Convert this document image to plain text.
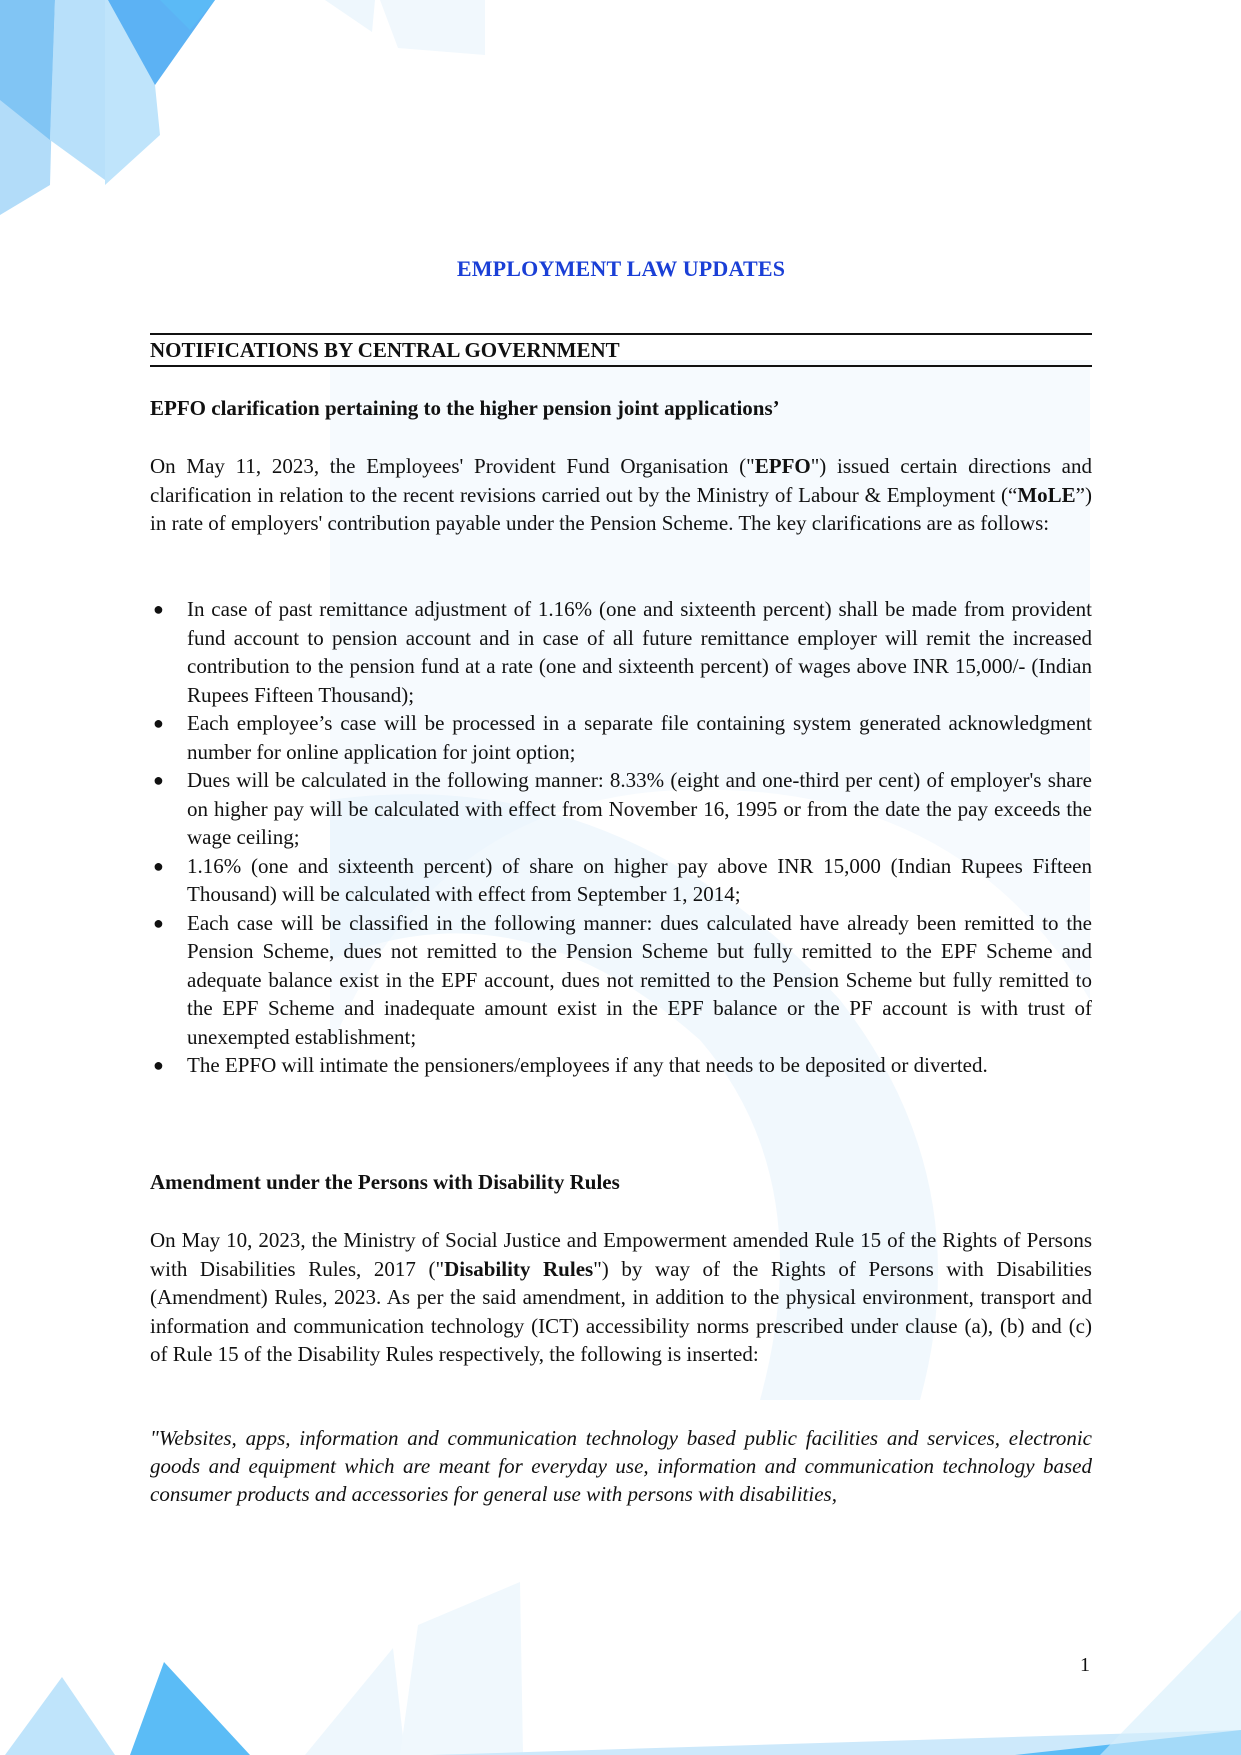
EMPLOYMENT LAW UPDATES
NOTIFICATIONS BY CENTRAL GOVERNMENT
EPFO clarification pertaining to the higher pension joint applications’
On May 11, 2023, the Employees' Provident Fund Organisation ("EPFO") issued certain directions and clarification in relation to the recent revisions carried out by the Ministry of Labour & Employment (“MoLE”) in rate of employers' contribution payable under the Pension Scheme. The key clarifications are as follows:
● In case of past remittance adjustment of 1.16% (one and sixteenth percent) shall be made from provident fund account to pension account and in case of all future remittance employer will remit the increased contribution to the pension fund at a rate (one and sixteenth percent) of wages above INR 15,000/- (Indian Rupees Fifteen Thousand);
● Each employee’s case will be processed in a separate file containing system generated acknowledgment number for online application for joint option;
● Dues will be calculated in the following manner: 8.33% (eight and one-third per cent) of employer's share on higher pay will be calculated with effect from November 16, 1995 or from the date the pay exceeds the wage ceiling;
● 1.16% (one and sixteenth percent) of share on higher pay above INR 15,000 (Indian Rupees Fifteen Thousand) will be calculated with effect from September 1, 2014;
● Each case will be classified in the following manner: dues calculated have already been remitted to the Pension Scheme, dues not remitted to the Pension Scheme but fully remitted to the EPF Scheme and adequate balance exist in the EPF account, dues not remitted to the Pension Scheme but fully remitted to the EPF Scheme and inadequate amount exist in the EPF balance or the PF account is with trust of unexempted establishment;
● The EPFO will intimate the pensioners/employees if any that needs to be deposited or diverted.
Amendment under the Persons with Disability Rules
On May 10, 2023, the Ministry of Social Justice and Empowerment amended Rule 15 of the Rights of Persons with Disabilities Rules, 2017 ("Disability Rules") by way of the Rights of Persons with Disabilities (Amendment) Rules, 2023. As per the said amendment, in addition to the physical environment, transport and information and communication technology (ICT) accessibility norms prescribed under clause (a), (b) and (c) of Rule 15 of the Disability Rules respectively, the following is inserted:
"Websites, apps, information and communication technology based public facilities and services, electronic goods and equipment which are meant for everyday use, information and communication technology based consumer products and accessories for general use with persons with disabilities,
1
